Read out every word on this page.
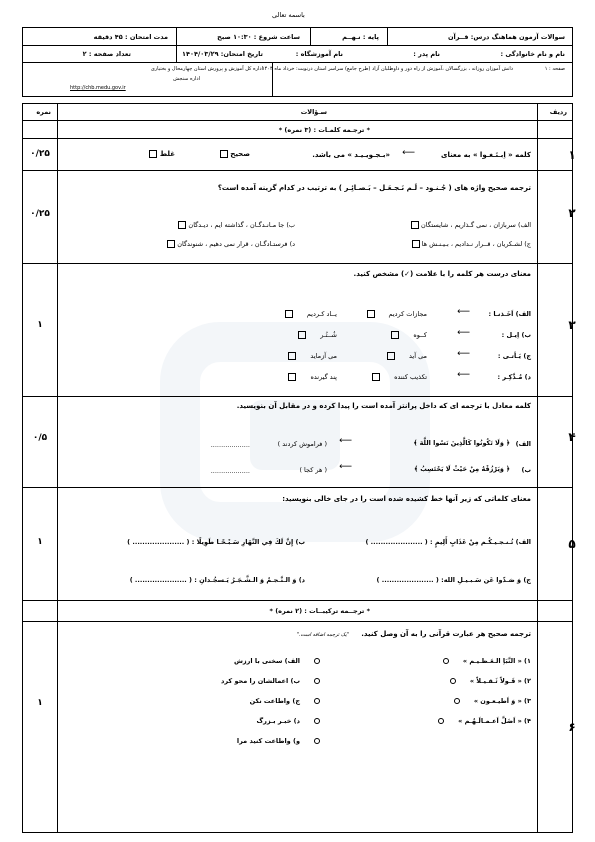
باسمه تعالی
سوالات آزمون هماهنگ درس: قــرآن
پایه : نـهــم
ساعت شروع : ۱۰:۳۰ صبح
مدت امتحان : ۴۵ دقیقه
نام و نام خانوادگی :
نام پدر :
نام آموزشگاه :
تاریخ امتحان: ۱۴۰۴/۰۳/۲۹
تعداد صفحه : ۲
دانش آموزان روزانه ، بزرگسالان ،آموزش از راه دور و داوطلبان آزاد (طرح جامع) سراسر استان درنوبت: خرداد ماه ۱۴۰۴	صفحه : ۱
اداره کل آموزش و پرورش استان چهارمحال و بختیاری
اداره سنجش
http://chb.medu.gov.ir
ردیف
سـؤالات
نمره
* ترجـمه کلمـات : (۳ نمره) *
۱
۰/۲۵	کلمه « اِبـتَـغـوا » به معنای
⟵
«بـجـویـیـد » می باشد.
صحیح
غلط
۲
۰/۲۵
ترجمه صحیح واژه های ( جُـنـود – لَـم نَـجـعَـل – بَـصـائِـر ) به ترتیب در کدام گزینه آمده است؟
الف) سربازان ، نمی گـذاریم ، شایستگان
ب) جا مـانـدگـان ، گذاشته ایم ، دیـدگان
ج) لشـکریان ، قــرار نـدادیم ، بـیـنـش ها
د) فرستـادگـان ، قرار نمی دهیم ، شنوندگان
۳
۱
معنای درست هر کلمه را با علامت (✓) مشخص کنید.
الف) اَخَـذنـا :
⟵
مجازات کردیم
یــاد کـردیم
ب) اِیـل :
⟵
کــوه
شُــتُـر
ج) یَـأتـی :
⟵
می آید
می آزماید
د) مُـدَّکِـر :
⟵
تکذیب کننده
پند گیرنده
۴
۰/۵
کلمه معادل با ترجمه ای که داخل پرانتز آمده است را پیدا کرده و در مقابل آن بنویسید.
الف)
﴿ وَلَا تَكُونُوا كَالَّذِينَ نَسُوا اللَّهَ ﴾
⟵
( فراموش کردند )
...................
ب)
﴿ وَيَرْزُقْهُ مِنْ حَيْثُ لَا يَحْتَسِبُ ﴾
⟵
( هر کجا )
...................
۵
۱
معنای کلماتی که زیر آنها خط کشیده شده است را در جای خالی بنویسید:
الف) تُـنـجـیـکُـم مِنْ عَذَابٍ أَلِيمٍ : ( ..................... )
ب) إِنَّ لَكَ فِي النَّهَارِ سَـبْـحًـا طَوِيلًا : ( ..................... )
ج) وَ صَـدّوا عَن سَـبـیـلِ الله: ( ..................... )
د) وَ الـنَّـجـمُ وَ الـشَّـجَـرُ یَـسجُـدانِ : ( ..................... )
* ترجــمه ترکیبــات : (۲ نمره) *
۶
۱
ترجمه صحیح هر عبارت قرآنی را به آن وصل کنید.
"یک ترجمه اضافه است."
۱) « النَّبَاِ الـعَـظـیـم »
۲) « قَـولاً ثَـقـیـلاً »
۳) « وَ اَطیـعـون »
۴) « اَضَلَّ اَعـمـالَـهُـم »
الف) سخنی با ارزش
ب) اعمالشان را محو کرد
ج) واطاعت نکن
د) خبـر بـزرگ
و) واطاعت کنید مرا
